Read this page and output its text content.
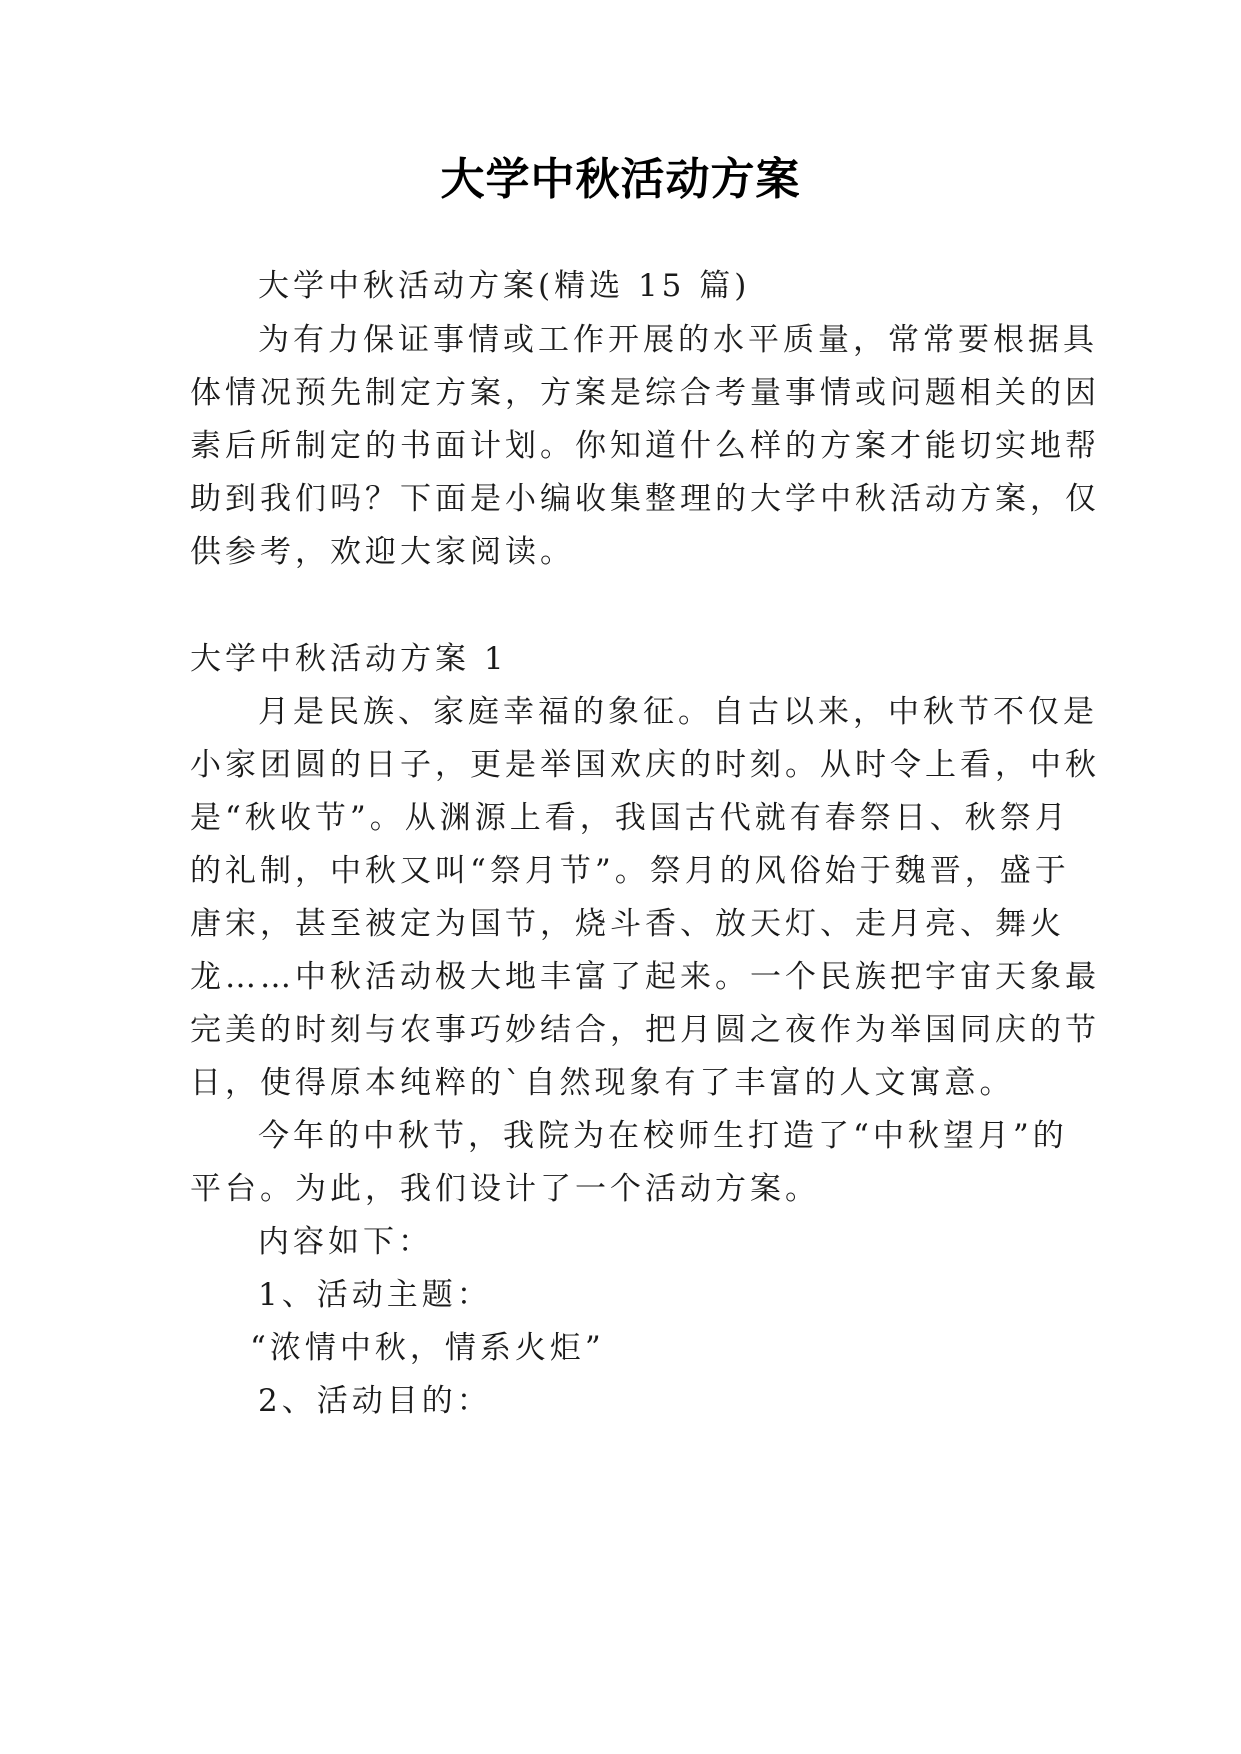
大学中秋活动方案
大学中秋活动方案(精选 15 篇)
为有力保证事情或工作开展的水平质量，常常要根据具
体情况预先制定方案，方案是综合考量事情或问题相关的因
素后所制定的书面计划。你知道什么样的方案才能切实地帮
助到我们吗？下面是小编收集整理的大学中秋活动方案，仅
供参考，欢迎大家阅读。
大学中秋活动方案 1
月是民族、家庭幸福的象征。自古以来，中秋节不仅是
小家团圆的日子，更是举国欢庆的时刻。从时令上看，中秋
是“秋收节”。从渊源上看，我国古代就有春祭日、秋祭月
的礼制，中秋又叫“祭月节”。祭月的风俗始于魏晋，盛于
唐宋，甚至被定为国节，烧斗香、放天灯、走月亮、舞火
龙……中秋活动极大地丰富了起来。一个民族把宇宙天象最
完美的时刻与农事巧妙结合，把月圆之夜作为举国同庆的节
日，使得原本纯粹的`自然现象有了丰富的人文寓意。
今年的中秋节，我院为在校师生打造了“中秋望月”的
平台。为此，我们设计了一个活动方案。
内容如下：
1、活动主题：
“浓情中秋，情系火炬”
2、活动目的：
